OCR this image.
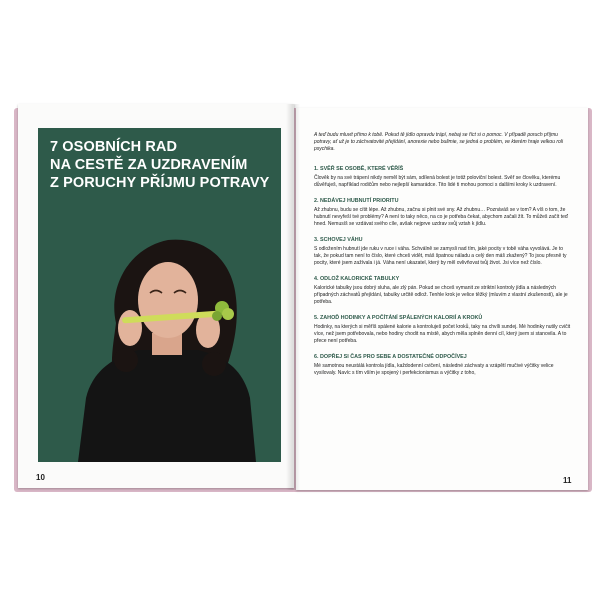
7 OSOBNÍCH RAD
NA CESTĚ ZA UZDRAVENÍM
Z PORUCHY PŘÍJMU POTRAVY
10

A teď budu mluvit přímo k tobě. Pokud tě jídlo opravdu trápí, nebaj se říct si o pomoc. V případě poruch příjmu potravy, ať už je to záchvatovité přejídání, anorexie nebo bulimie, se jedná o problém, ve kterém hraje velkou roli psychika.

1. SVĚŘ SE OSOBĚ, KTERÉ VĚŘÍŠ

Člověk by na své trápení nikdy neměl být sám, sdílená bolest je totiž poloviční bolest. Svěř se člověku, kterému důvěřuješ, například rodičům nebo nejlepší kamarádce. Tito lidé ti mohou pomoci s dalšími kroky k uzdravení.

2. NEDÁVEJ HUBNUTÍ PRIORITU

Až zhubnu, budu se cítit lépe. Až zhubnu, začnu si plnit své sny. Až zhubnu… Poznáváš se v tom? A víš o tom, že hubnutí nevyřeší tvé problémy? A není to taky něco, na co je potřeba čekat, abychom začali žít. To můžeš začít teď hned. Nemusíš se vzdávat svého cíle, avšak nejprve uzdrav svůj vztah k jídlu.

3. SCHOVEJ VÁHU

S odložením hubnutí jde ruku v ruce i váha. Schválně se zamysli nad tím, jaké pocity v tobě váha vyvolává. Je to tak, že pokud tam není to číslo, které chceš vidět, máš špatnou náladu a celý den máš zkažený? To jsou přesně ty pocity, které jsem zažívala i já. Váha není ukazatel, který by měl ovlivňovat tvůj život. Jsi více než číslo.

4. ODLOŽ KALORICKÉ TABULKY

Kalorické tabulky jsou dobrý sluha, ale zlý pán. Pokud se chceš vymanit ze striktní kontroly jídla a následných případných záchvatů přejídání, tabulky určitě odlož. Tenhle krok je velice těžký (mluvím z vlastní zkušenosti), ale je potřeba.

5. ZAHOĎ HODINKY A POČÍTÁNÍ SPÁLENÝCH KALORIÍ A KROKŮ

Hodinky, na kterých si měříš spálené kalorie a kontroluješ počet kroků, taky na chvíli sundej. Mé hodinky nutily cvičit více, než jsem potřebovala, nebo hodiny chodit na místě, abych měla splněn denní cíl, který jsem si stanovila. A to přece není potřeba.

6. DOPŘEJ SI ČAS PRO SEBE A DOSTATEČNÉ ODPOČÍVEJ

Mé samotnou neustálá kontrola jídla, každodenní cvičení, následné záchvaty a vzápětí mučivé výčitky velice vysilovaly. Navíc s tím vším je spojený i perfekcionismus a výčitky z toho,

11
